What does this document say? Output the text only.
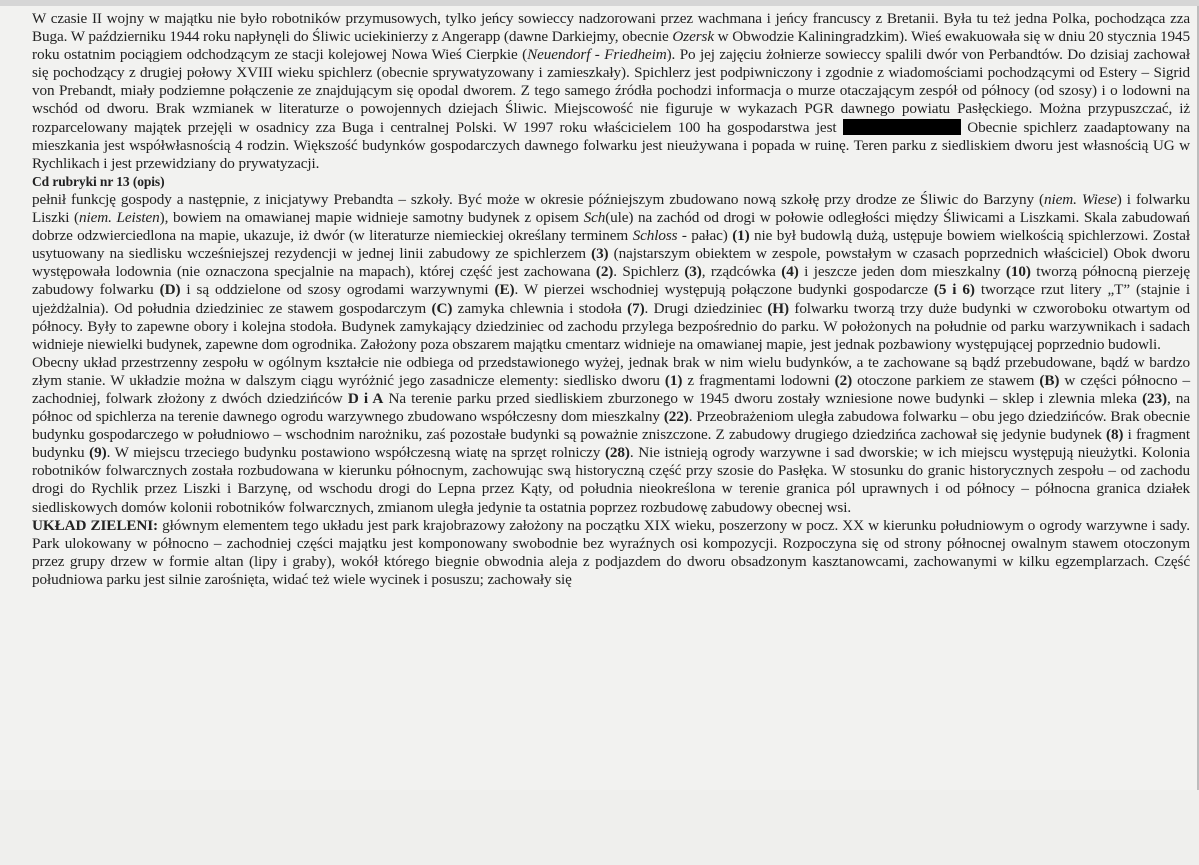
W czasie II wojny w majątku nie było robotników przymusowych, tylko jeńcy sowieccy nadzorowani przez wachmana i jeńcy francuscy z Bretanii. Była tu też jedna Polka, pochodząca zza Buga. W październiku 1944 roku napłynęli do Śliwic uciekinierzy z Angerapp (dawne Darkiejmy, obecnie Ozersk w Obwodzie Kaliningradzkim). Wieś ewakuowała się w dniu 20 stycznia 1945 roku ostatnim pociągiem odchodzącym ze stacji kolejowej Nowa Wieś Cierpkie (Neuendorf - Friedheim). Po jej zajęciu żołnierze sowieccy spalili dwór von Perbandtów. Do dzisiaj zachował się pochodzący z drugiej połowy XVIII wieku spichlerz (obecnie sprywatyzowany i zamieszkały). Spichlerz jest podpiwniczony i zgodnie z wiadomościami pochodzącymi od Estery – Sigrid von Prebandt, miały podziemne połączenie ze znajdującym się opodal dworem. Z tego samego źródła pochodzi informacja o murze otaczającym zespół od północy (od szosy) i o lodowni na wschód od dworu. Brak wzmianek w literaturze o powojennych dziejach Śliwic. Miejscowość nie figuruje w wykazach PGR dawnego powiatu Pasłęckiego. Można przypuszczać, iż rozparcelowany majątek przejęli w osadnicy zza Buga i centralnej Polski. W 1997 roku właścicielem 100 ha gospodarstwa jest	Obecnie spichlerz zaadaptowany na mieszkania jest współwłasnością 4 rodzin. Większość budynków gospodarczych dawnego folwarku jest nieużywana i popada w ruinę. Teren parku z siedliskiem dworu jest własnością UG w Rychlikach i jest przewidziany do prywatyzacji.

Cd rubryki nr 13 (opis)

pełnił funkcję gospody a następnie, z inicjatywy Prebandta – szkoły. Być może w okresie późniejszym zbudowano nową szkołę przy drodze ze Śliwic do Barzyny (niem. Wiese) i folwarku Liszki (niem. Leisten), bowiem na omawianej mapie widnieje samotny budynek z opisem Sch(ule) na zachód od drogi w połowie odległości między Śliwicami a Liszkami. Skala zabudowań dobrze odzwierciedlona na mapie, ukazuje, iż dwór (w literaturze niemieckiej określany terminem Schloss - pałac) (1) nie był budowlą dużą, ustępuje bowiem wielkością spichlerzowi. Został usytuowany na siedlisku wcześniejszej rezydencji w jednej linii zabudowy ze spichlerzem (3) (najstarszym obiektem w zespole, powstałym w czasach poprzednich właściciel) Obok dworu występowała lodownia (nie oznaczona specjalnie na mapach), której część jest zachowana (2). Spichlerz (3), rządcówka (4) i jeszcze jeden dom mieszkalny (10) tworzą północną pierzeję zabudowy folwarku (D) i są oddzielone od szosy ogrodami warzywnymi (E). W pierzei wschodniej występują połączone budynki gospodarcze (5 i 6) tworzące rzut litery „T” (stajnie i ujeżdżalnia). Od południa dziedziniec ze stawem gospodarczym (C) zamyka chlewnia i stodoła (7). Drugi dziedziniec (H) folwarku tworzą trzy duże budynki w czworoboku otwartym od północy. Były to zapewne obory i kolejna stodoła. Budynek zamykający dziedziniec od zachodu przylega bezpośrednio do parku. W położonych na południe od parku warzywnikach i sadach widnieje niewielki budynek, zapewne dom ogrodnika. Założony poza obszarem majątku cmentarz widnieje na omawianej mapie, jest jednak pozbawiony występującej poprzednio budowli.

Obecny układ przestrzenny zespołu w ogólnym kształcie nie odbiega od przedstawionego wyżej, jednak brak w nim wielu budynków, a te zachowane są bądź przebudowane, bądź w bardzo złym stanie. W układzie można w dalszym ciągu wyróżnić jego zasadnicze elementy: siedlisko dworu (1) z fragmentami lodowni (2) otoczone parkiem ze stawem (B) w części północno – zachodniej, folwark złożony z dwóch dziedzińców D i A Na terenie parku przed siedliskiem zburzonego w 1945 dworu zostały wzniesione nowe budynki – sklep i zlewnia mleka (23), na północ od spichlerza na terenie dawnego ogrodu warzywnego zbudowano współczesny dom mieszkalny (22). Przeobrażeniom uległa zabudowa folwarku – obu jego dziedzińców. Brak obecnie budynku gospodarczego w południowo – wschodnim narożniku, zaś pozostałe budynki są poważnie zniszczone. Z zabudowy drugiego dziedzińca zachował się jedynie budynek (8) i fragment budynku (9). W miejscu trzeciego budynku postawiono współczesną wiatę na sprzęt rolniczy (28). Nie istnieją ogrody warzywne i sad dworskie; w ich miejscu występują nieużytki. Kolonia robotników folwarcznych została rozbudowana w kierunku północnym, zachowując swą historyczną część przy szosie do Pasłęka. W stosunku do granic historycznych zespołu – od zachodu drogi do Rychlik przez Liszki i Barzynę, od wschodu drogi do Lepna przez Kąty, od południa nieokreślona w terenie granica pól uprawnych i od północy – północna granica działek siedliskowych domów kolonii robotników folwarcznych, zmianom uległa jedynie ta ostatnia poprzez rozbudowę zabudowy obecnej wsi.

UKŁAD ZIELENI: głównym elementem tego układu jest park krajobrazowy założony na początku XIX wieku, poszerzony w pocz. XX w kierunku południowym o ogrody warzywne i sady. Park ulokowany w północno – zachodniej części majątku jest komponowany swobodnie bez wyraźnych osi kompozycji. Rozpoczyna się od strony północnej owalnym stawem otoczonym przez grupy drzew w formie altan (lipy i graby), wokół którego biegnie obwodnia aleja z podjazdem do dworu obsadzonym kasztanowcami, zachowanymi w kilku egzemplarzach. Część południowa parku jest silnie zarośnięta, widać też wiele wycinek i posuszu; zachowały się
